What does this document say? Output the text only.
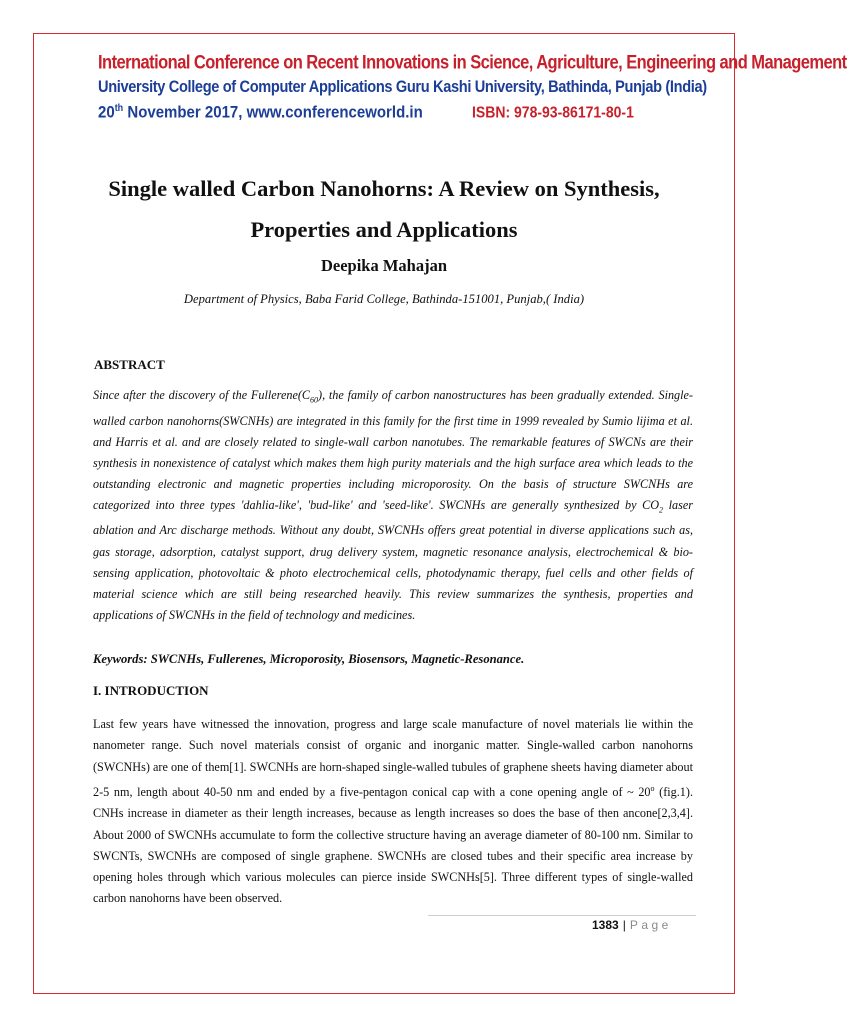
International Conference on Recent Innovations in Science, Agriculture, Engineering and Management
University College of Computer Applications Guru Kashi University, Bathinda, Punjab (India)
20th November 2017, www.conferenceworld.in	ISBN: 978-93-86171-80-1
Single walled Carbon Nanohorns: A Review on Synthesis,
Properties and Applications
Deepika Mahajan
Department of Physics, Baba Farid College, Bathinda-151001, Punjab,( India)
ABSTRACT
Since after the discovery of the $Fullerene(C_{60})$, the family of carbon nanostructures has been gradually extended. Single-walled carbon nanohorns(SWCNHs) are integrated in this family for the first time in 1999 revealed by Sumio lijima et al. and Harris et al. and are closely related to single-wall carbon nanotubes. The remarkable features of SWCNs are their synthesis in nonexistence of catalyst which makes them high purity materials and the high surface area which leads to the outstanding electronic and magnetic properties including microporosity. On the basis of structure SWCNHs are categorized into three types 'dahlia-like', 'bud-like' and 'seed-like'. SWCNHs are generally synthesized by $CO_2$ laser ablation and Arc discharge methods. Without any doubt, SWCNHs offers great potential in diverse applications such as, gas storage, adsorption, catalyst support, drug delivery system, magnetic resonance analysis, electrochemical & bio-sensing application, photovoltaic & photo electrochemical cells, photodynamic therapy, fuel cells and other fields of material science which are still being researched heavily. This review summarizes the synthesis, properties and applications of SWCNHs in the field of technology and medicines.
Keywords: SWCNHs, Fullerenes, Microporosity, Biosensors, Magnetic-Resonance.
I. INTRODUCTION
Last few years have witnessed the innovation, progress and large scale manufacture of novel materials lie within the nanometer range. Such novel materials consist of organic and inorganic matter. Single-walled carbon nanohorns (SWCNHs) are one of them[1]. SWCNHs are horn-shaped single-walled tubules of graphene sheets having diameter about 2-5 nm, length about 40-50 nm and ended by a five-pentagon conical cap with a cone opening angle of ~ 20$^o$ (fig.1). CNHs increase in diameter as their length increases, because as length increases so does the base of then ancone[2,3,4]. About 2000 of SWCNHs accumulate to form the collective structure having an average diameter of 80-100 nm. Similar to SWCNTs, SWCNHs are composed of single graphene. SWCNHs are closed tubes and their specific area increase by opening holes through which various molecules can pierce inside SWCNHs[5]. Three different types of single-walled carbon nanohorns have been observed.
1383 | Page
